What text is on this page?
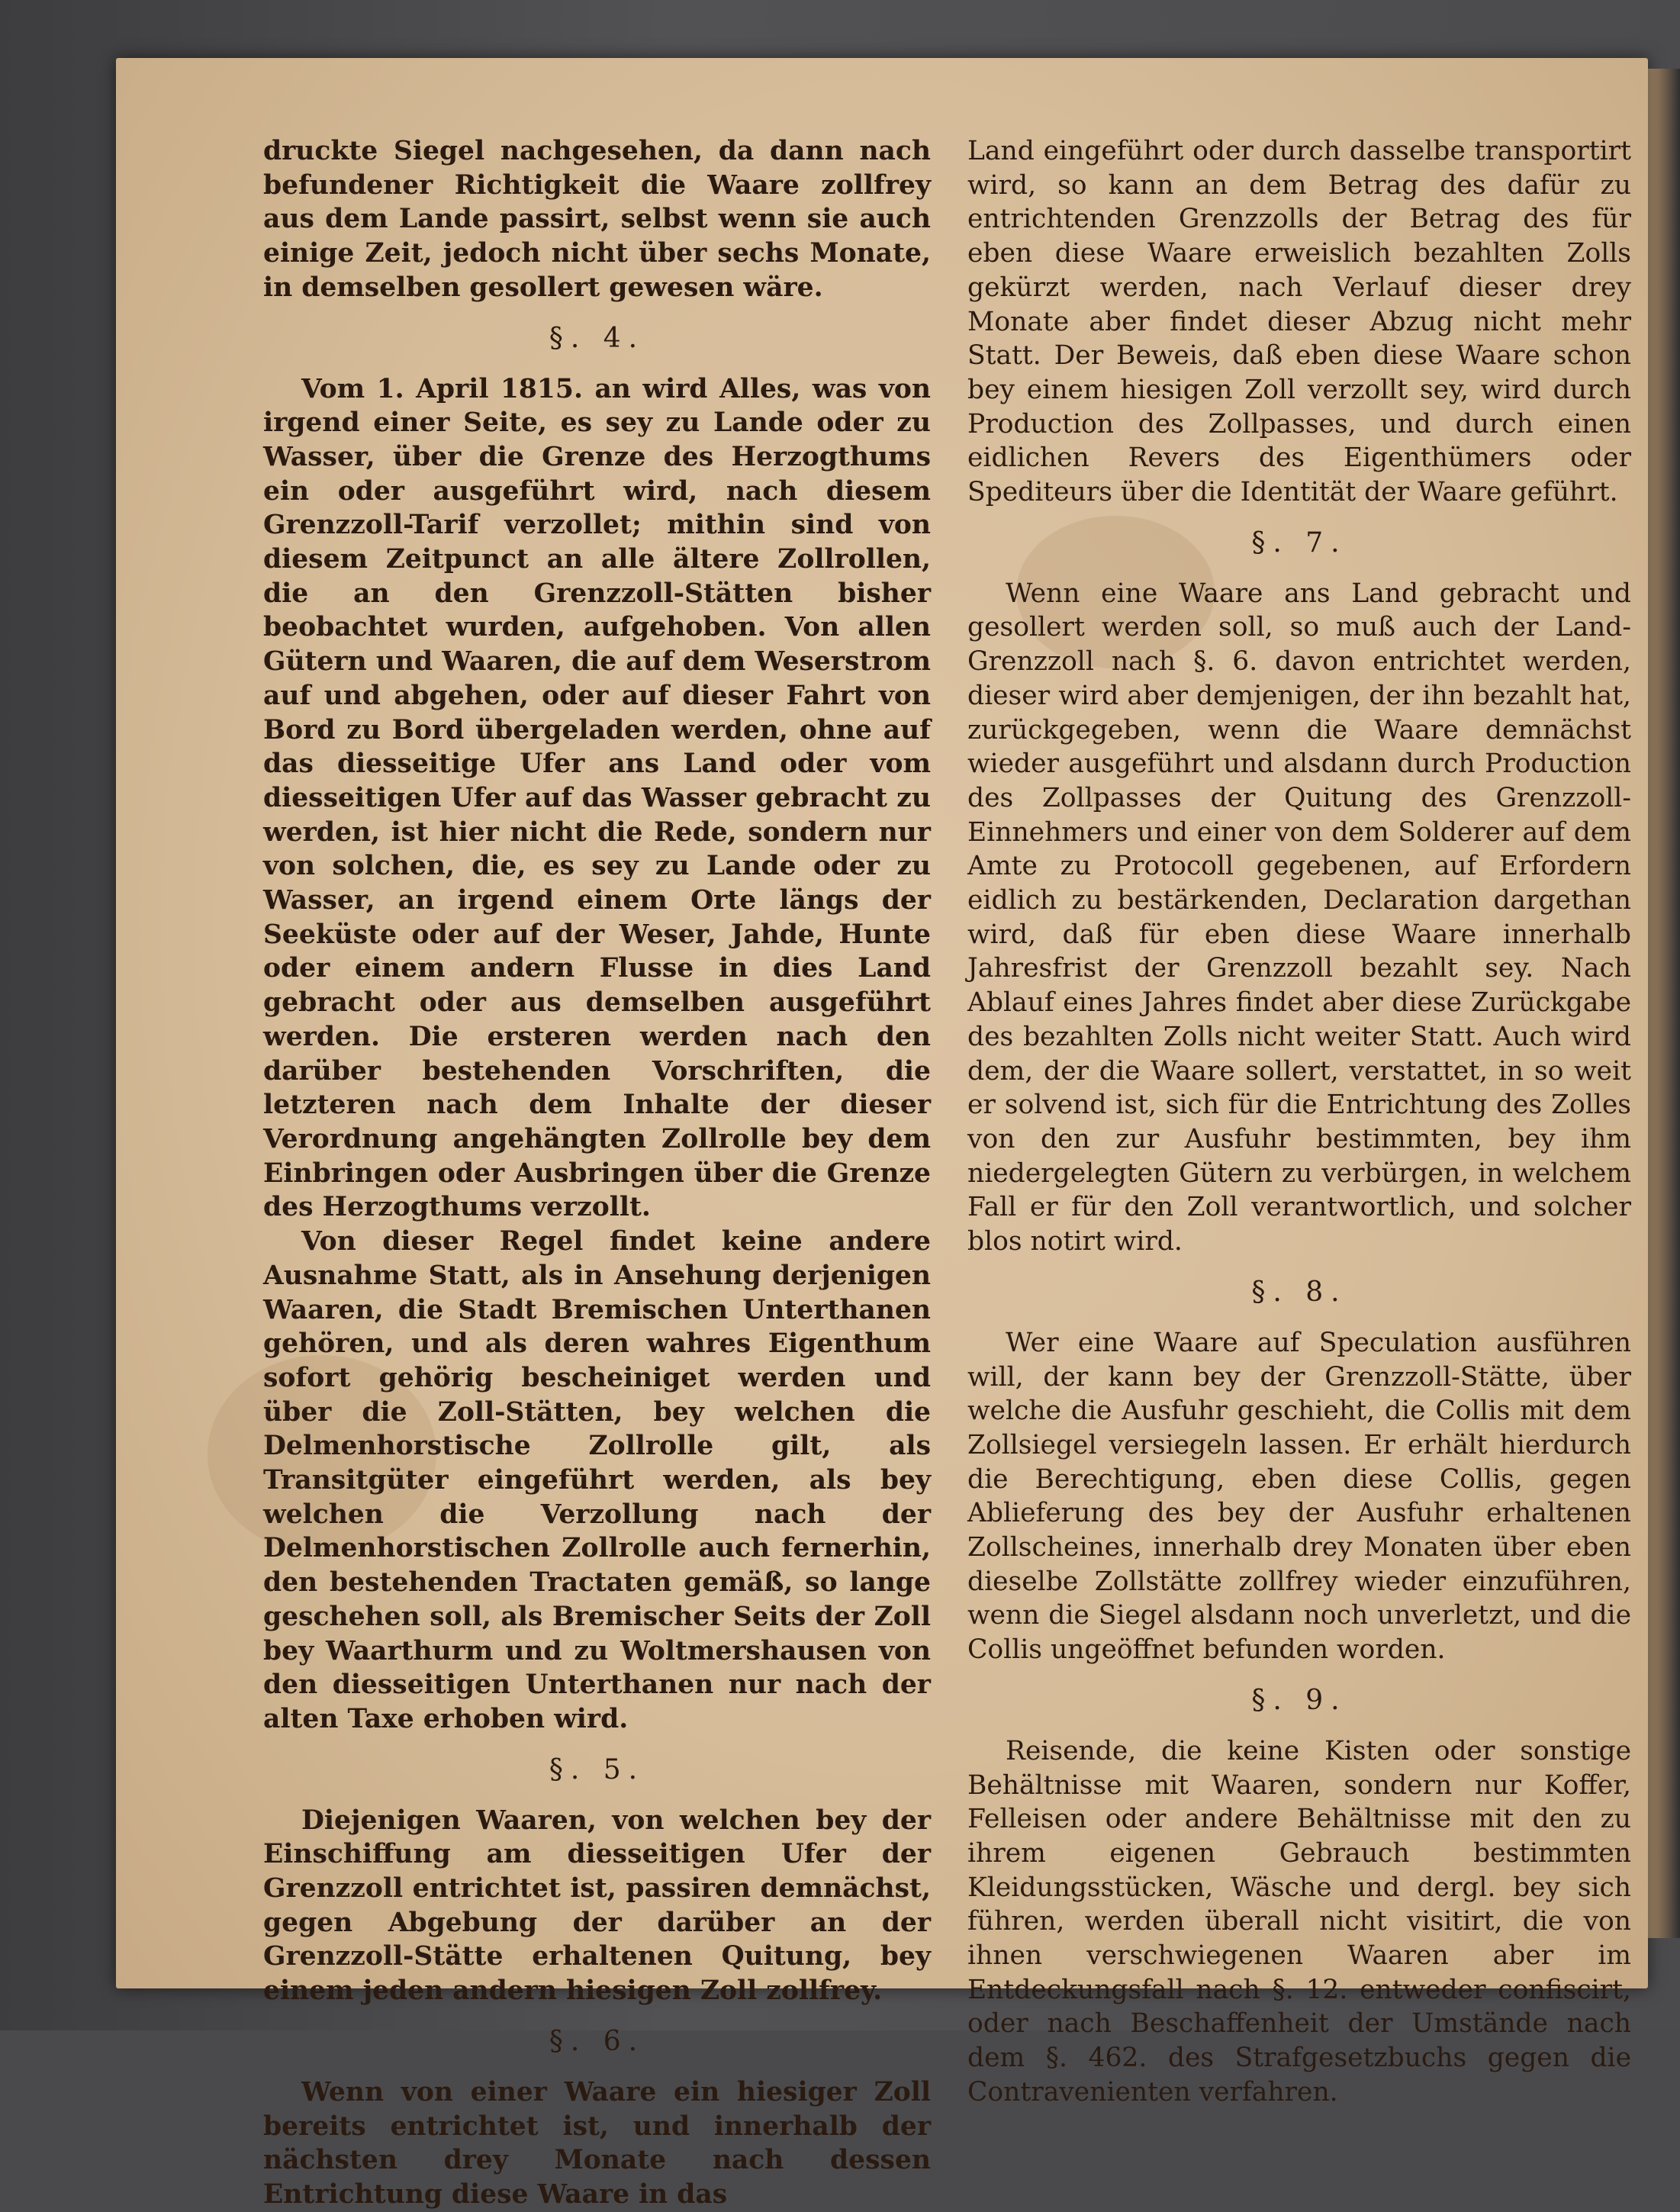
druckte Siegel nachgesehen, da dann nach befundener Richtigkeit die Waare zollfrey aus dem Lande passirt, selbst wenn sie auch einige Zeit, jedoch nicht über sechs Monate, in demselben gesollert gewesen wäre.

§. 4.

Vom 1. April 1815. an wird Alles, was von irgend einer Seite, es sey zu Lande oder zu Wasser, über die Grenze des Herzogthums ein oder ausgeführt wird, nach diesem Grenzzoll-Tarif verzollet; mithin sind von diesem Zeitpunct an alle ältere Zollrollen, die an den Grenzzoll-Stätten bisher beobachtet wurden, aufgehoben. Von allen Gütern und Waaren, die auf dem Weserstrom auf und abgehen, oder auf dieser Fahrt von Bord zu Bord übergeladen werden, ohne auf das diesseitige Ufer ans Land oder vom diesseitigen Ufer auf das Wasser gebracht zu werden, ist hier nicht die Rede, sondern nur von solchen, die, es sey zu Lande oder zu Wasser, an irgend einem Orte längs der Seeküste oder auf der Weser, Jahde, Hunte oder einem andern Flusse in dies Land gebracht oder aus demselben ausgeführt werden. Die ersteren werden nach den darüber bestehenden Vorschriften, die letzteren nach dem Inhalte der dieser Verordnung angehängten Zollrolle bey dem Einbringen oder Ausbringen über die Grenze des Herzogthums verzollt.

Von dieser Regel findet keine andere Ausnahme Statt, als in Ansehung derjenigen Waaren, die Stadt Bremischen Unterthanen gehören, und als deren wahres Eigenthum sofort gehörig bescheiniget werden und über die Zoll-Stätten, bey welchen die Delmenhorstische Zollrolle gilt, als Transitgüter eingeführt werden, als bey welchen die Verzollung nach der Delmenhorstischen Zollrolle auch fernerhin, den bestehenden Tractaten gemäß, so lange geschehen soll, als Bremischer Seits der Zoll bey Waarthurm und zu Woltmershausen von den diesseitigen Unterthanen nur nach der alten Taxe erhoben wird.

§. 5.

Diejenigen Waaren, von welchen bey der Einschiffung am diesseitigen Ufer der Grenzzoll entrichtet ist, passiren demnächst, gegen Abgebung der darüber an der Grenzzoll-Stätte erhaltenen Quitung, bey einem jeden andern hiesigen Zoll zollfrey.

§. 6.

Wenn von einer Waare ein hiesiger Zoll bereits entrichtet ist, und innerhalb der nächsten drey Monate nach dessen Entrichtung diese Waare in das

Land eingeführt oder durch dasselbe transportirt wird, so kann an dem Betrag des dafür zu entrichtenden Grenzzolls der Betrag des für eben diese Waare erweislich bezahlten Zolls gekürzt werden, nach Verlauf dieser drey Monate aber findet dieser Abzug nicht mehr Statt. Der Beweis, daß eben diese Waare schon bey einem hiesigen Zoll verzollt sey, wird durch Production des Zollpasses, und durch einen eidlichen Revers des Eigenthümers oder Speditеurs über die Identität der Waare geführt.

§. 7.

Wenn eine Waare ans Land gebracht und gesollert werden soll, so muß auch der Land-Grenzzoll nach §. 6. davon entrichtet werden, dieser wird aber demjenigen, der ihn bezahlt hat, zurückgegeben, wenn die Waare demnächst wieder ausgeführt und alsdann durch Production des Zollpasses der Quitung des Grenzzoll-Einnehmers und einer von dem Solderer auf dem Amte zu Protocoll gegebenen, auf Erfordern eidlich zu bestärkenden, Declaration dargethan wird, daß für eben diese Waare innerhalb Jahresfrist der Grenzzoll bezahlt sey. Nach Ablauf eines Jahres findet aber diese Zurückgabe des bezahlten Zolls nicht weiter Statt. Auch wird dem, der die Waare sollert, verstattet, in so weit er solvend ist, sich für die Entrichtung des Zolles von den zur Ausfuhr bestimmten, bey ihm niedergelegten Gütern zu verbürgen, in welchem Fall er für den Zoll verantwortlich, und solcher blos notirt wird.

§. 8.

Wer eine Waare auf Speculation ausführen will, der kann bey der Grenzzoll-Stätte, über welche die Ausfuhr geschieht, die Collis mit dem Zollsiegel versiegeln lassen. Er erhält hierdurch die Berechtigung, eben diese Collis, gegen Ablieferung des bey der Ausfuhr erhaltenen Zollscheines, innerhalb drey Monaten über eben dieselbe Zollstätte zollfrey wieder einzuführen, wenn die Siegel alsdann noch unverletzt, und die Collis ungeöffnet befunden worden.

§. 9.

Reisende, die keine Kisten oder sonstige Behältnisse mit Waaren, sondern nur Koffer, Felleisen oder andere Behältnisse mit den zu ihrem eigenen Gebrauch bestimmten Kleidungsstücken, Wäsche und dergl. bey sich führen, werden überall nicht visitirt, die von ihnen verschwiegenen Waaren aber im Entdeckungsfall nach §. 12. entweder confiscirt, oder nach Beschaffenheit der Umstände nach dem §. 462. des Strafgesetzbuchs gegen die Contravenienten verfahren.
